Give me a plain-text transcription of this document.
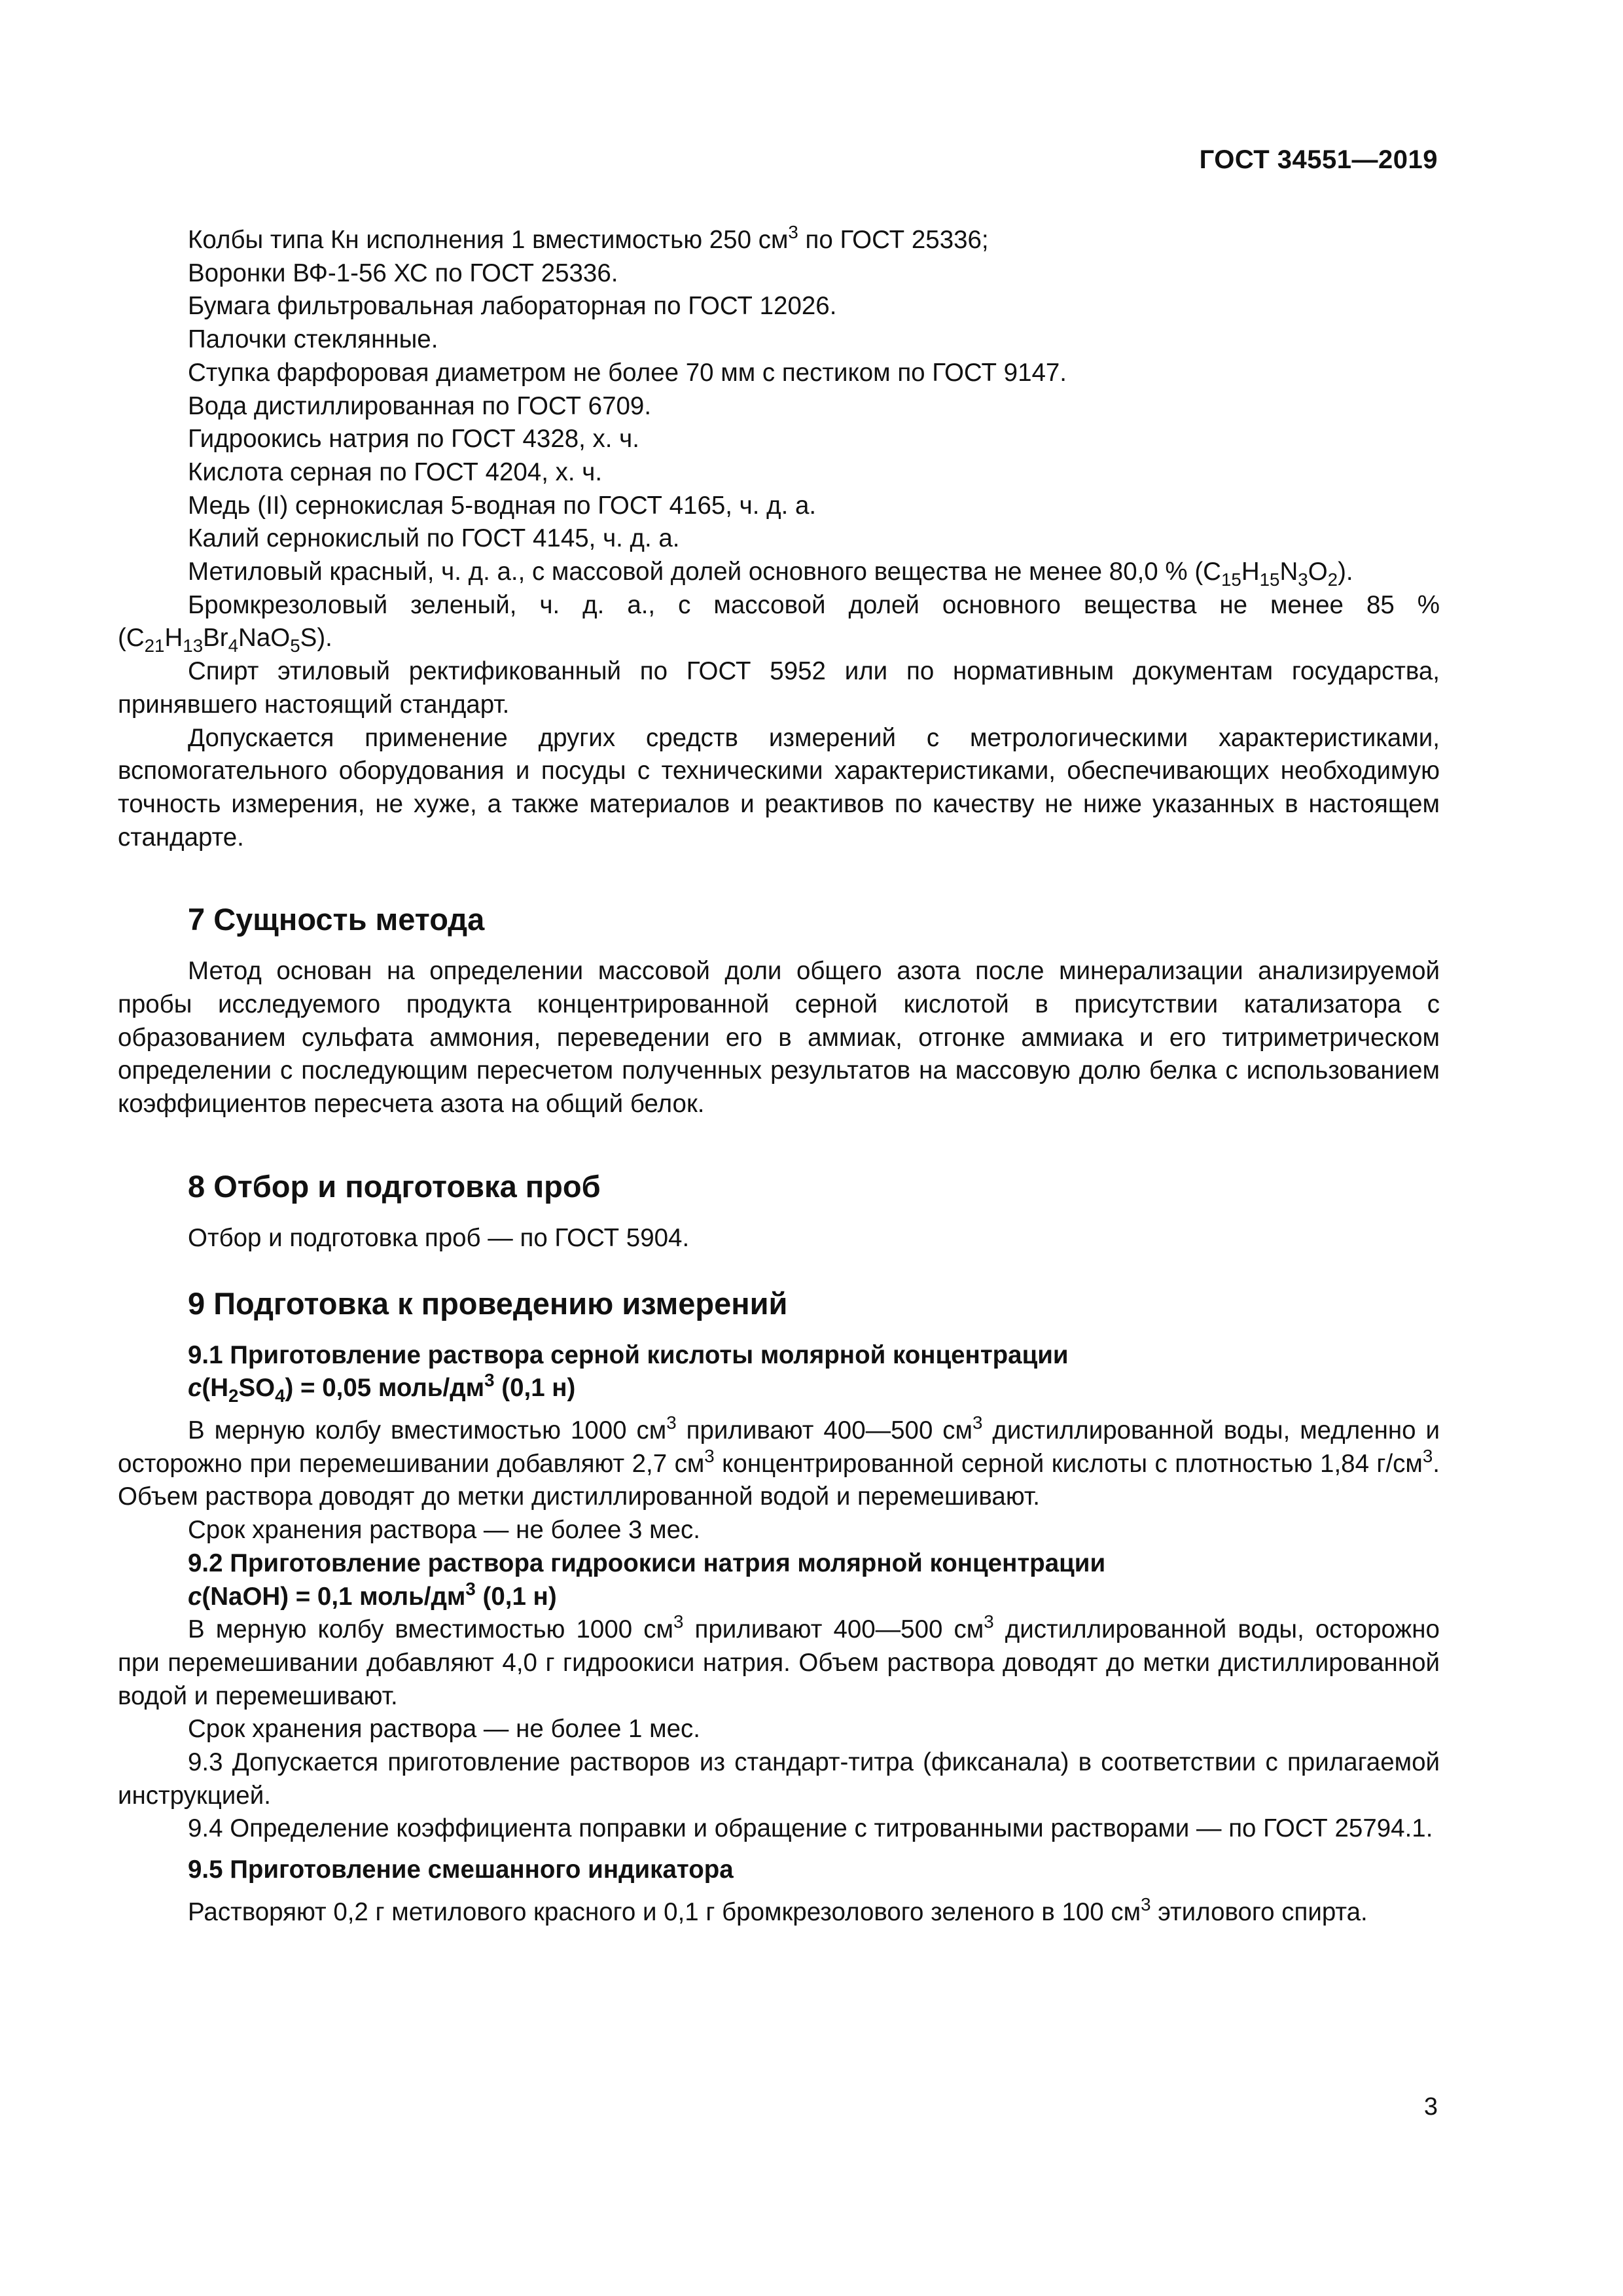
ГОСТ 34551—2019

Колбы типа Кн исполнения 1 вместимостью 250 $см^3$ по ГОСТ 25336;

Воронки ВФ-1-56 ХС по ГОСТ 25336.

Бумага фильтровальная лабораторная по ГОСТ 12026.

Палочки стеклянные.

Ступка фарфоровая диаметром не более 70 мм с пестиком по ГОСТ 9147.

Вода дистиллированная по ГОСТ 6709.

Гидроокись натрия по ГОСТ 4328, х. ч.

Кислота серная по ГОСТ 4204, х. ч.

Медь (II) сернокислая 5-водная по ГОСТ 4165, ч. д. а.

Калий сернокислый по ГОСТ 4145, ч. д. а.

Метиловый красный, ч. д. а., с массовой долей основного вещества не менее 80,0 % $(C_{15}H_{15}N_3O_2)$.

Бромкрезоловый зеленый, ч. д. а., с массовой долей основного вещества не менее 85 % $(C_{21}H_{13}Br_4NaO_5S)$.

Спирт этиловый ректификованный по ГОСТ 5952 или по нормативным документам государства, принявшего настоящий стандарт.

Допускается применение других средств измерений с метрологическими характеристиками, вспомогательного оборудования и посуды с техническими характеристиками, обеспечивающих необходимую точность измерения, не хуже, а также материалов и реактивов по качеству не ниже указанных в настоящем стандарте.

7 Сущность метода

Метод основан на определении массовой доли общего азота после минерализации анализируемой пробы исследуемого продукта концентрированной серной кислотой в присутствии катализатора с образованием сульфата аммония, переведении его в аммиак, отгонке аммиака и его титриметрическом определении с последующим пересчетом полученных результатов на массовую долю белка с использованием коэффициентов пересчета азота на общий белок.

8 Отбор и подготовка проб

Отбор и подготовка проб — по ГОСТ 5904.

9 Подготовка к проведению измерений
9.1 Приготовление раствора серной кислоты молярной концентрации
$c(H_2SO_4) = 0,05$ моль/$дм^3$ (0,1 н)

В мерную колбу вместимостью 1000 $см^3$ приливают 400—500 $см^3$ дистиллированной воды, медленно и осторожно при перемешивании добавляют 2,7 $см^3$ концентрированной серной кислоты с плотностью 1,84 $г/см^3$. Объем раствора доводят до метки дистиллированной водой и перемешивают.

Срок хранения раствора — не более 3 мес.

9.2 Приготовление раствора гидроокиси натрия молярной концентрации
c(NaOH) = 0,1 моль/$дм^3$ (0,1 н)

В мерную колбу вместимостью 1000 $см^3$ приливают 400—500 $см^3$ дистиллированной воды, осторожно при перемешивании добавляют 4,0 г гидроокиси натрия. Объем раствора доводят до метки дистиллированной водой и перемешивают.

Срок хранения раствора — не более 1 мес.

9.3 Допускается приготовление растворов из стандарт-титра (фиксанала) в соответствии с прилагаемой инструкцией.

9.4 Определение коэффициента поправки и обращение с титрованными растворами — по ГОСТ 25794.1.

9.5 Приготовление смешанного индикатора

Растворяют 0,2 г метилового красного и 0,1 г бромкрезолового зеленого в 100 $см^3$ этилового спирта.

3
